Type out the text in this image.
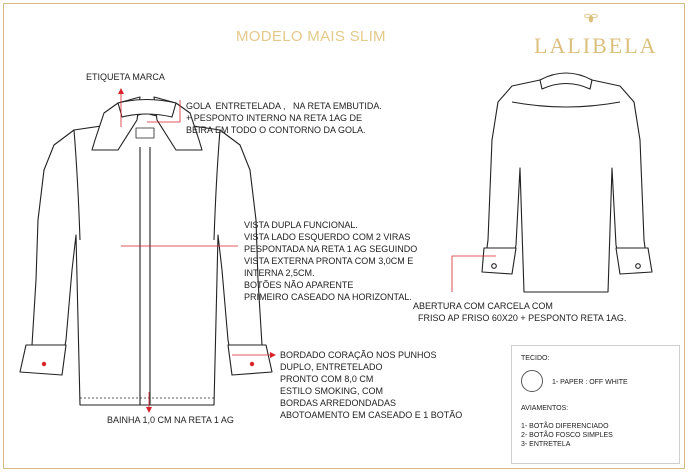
MODELO MAIS SLIM	LALIBELA
ETIQUETA MARCA
GOLA  ENTRETELADA ,   NA RETA EMBUTIDA.
+ PESPONTO INTERNO NA RETA 1AG DE
BEIRA EM TODO O CONTORNO DA GOLA.
VISTA DUPLA FUNCIONAL.
VISTA LADO ESQUERDO COM 2 VIRAS
PESPONTADA NA RETA 1 AG SEGUINDO
VISTA EXTERNA PRONTA COM 3,0CM E
INTERNA 2,5CM.
BOTÕES NÃO APARENTE
PRIMEIRO CASEADO NA HORIZONTAL.
ABERTURA COM CARCELA COM
FRISO AP FRISO 60X20 + PESPONTO RETA 1AG.
BORDADO CORAÇÃO NOS PUNHOS
DUPLO, ENTRETELADO
PRONTO COM 8,0 CM
ESTILO SMOKING, COM
BORDAS ARREDONDADAS
ABOTOAMENTO EM CASEADO E 1 BOTÃO
BAINHA 1,0 CM NA RETA 1 AG
TECIDO:
1- PAPER : OFF WHITE
AVIAMENTOS:
1- BOTÃO DIFERENCIADO
2- BOTÃO FOSCO SIMPLES
3- ENTRETELA
